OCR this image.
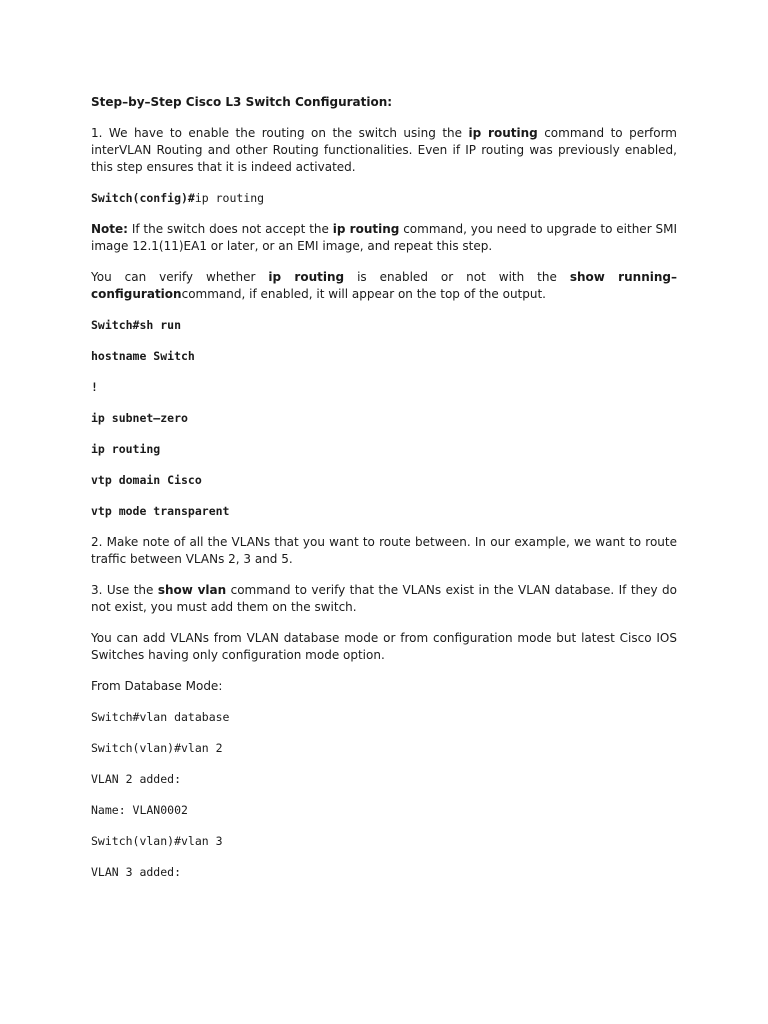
Step–by–Step Cisco L3 Switch Configuration:

1. We have to enable the routing on the switch using the ip routing command to perform interVLAN Routing and other Routing functionalities. Even if IP routing was previously enabled, this step ensures that it is indeed activated.

Switch(config)#ip routing

Note: If the switch does not accept the ip routing command, you need to upgrade to either SMI image 12.1(11)EA1 or later, or an EMI image, and repeat this step.

You can verify whether ip routing is enabled or not with the show running–configurationcommand, if enabled, it will appear on the top of the output.

Switch#sh run
hostname Switch
!
ip subnet–zero
ip routing
vtp domain Cisco
vtp mode transparent

2. Make note of all the VLANs that you want to route between. In our example, we want to route traffic between VLANs 2, 3 and 5.

3. Use the show vlan command to verify that the VLANs exist in the VLAN database. If they do not exist, you must add them on the switch.

You can add VLANs from VLAN database mode or from configuration mode but latest Cisco IOS Switches having only configuration mode option.

From Database Mode:

Switch#vlan database
Switch(vlan)#vlan 2
VLAN 2 added:
Name: VLAN0002
Switch(vlan)#vlan 3
VLAN 3 added:
